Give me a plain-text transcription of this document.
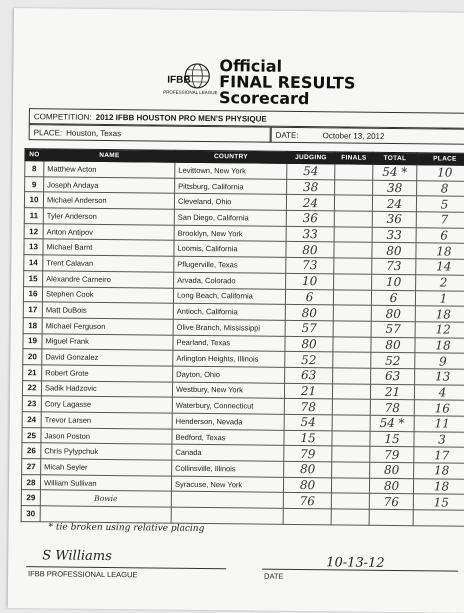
IFBB
PROFESSIONAL LEAGUE
Official
FINAL RESULTS
Scorecard
COMPETITION: 2012 IFBB HOUSTON PRO MEN'S PHYSIQUE
PLACE: Houston, Texas	DATE:	October 13, 2012
NO	NAME	COUNTRY	JUDGING	FINALS	TOTAL	PLACE
8	Matthew Acton	Levittown, New York	54		54 *	10
9	Joseph Andaya	Pittsburg, California	38		38	8
10	Michael Anderson	Cleveland, Ohio	24		24	5
11	Tyler Anderson	San Diego, California	36		36	7
12	Anton Antipov	Brooklyn, New York	33		33	6
13	Michael Barnt	Loomis, California	80		80	18
14	Trent Calavan	Pflugerville, Texas	73		73	14
15	Alexandre Carneiro	Arvada, Colorado	10		10	2
16	Stephen Cook	Long Beach, California	6		6	1
17	Matt DuBois	Antioch, California	80		80	18
18	Michael Ferguson	Olive Branch, Mississippi	57		57	12
19	Miguel Frank	Pearland, Texas	80		80	18
20	David Gonzalez	Arlington Heights, Illinois	52		52	9
21	Robert Grote	Dayton, Ohio	63		63	13
22	Sadik Hadzovic	Westbury, New York	21		21	4
23	Cory Lagasse	Waterbury, Connecticut	78		78	16
24	Trevor Larsen	Henderson, Nevada	54		54 *	11
25	Jason Poston	Bedford, Texas	15		15	3
26	Chris Pylypchuk	Canada	79		79	17
27	Micah Seyler	Collinsville, Illinois	80		80	18
28	William Sullivan	Syracuse, New York	80		80	18
29	Bowie		76		76	15
30						
* tie broken using relative placing
S Williams	10-13-12
IFBB PROFESSIONAL LEAGUE	DATE
